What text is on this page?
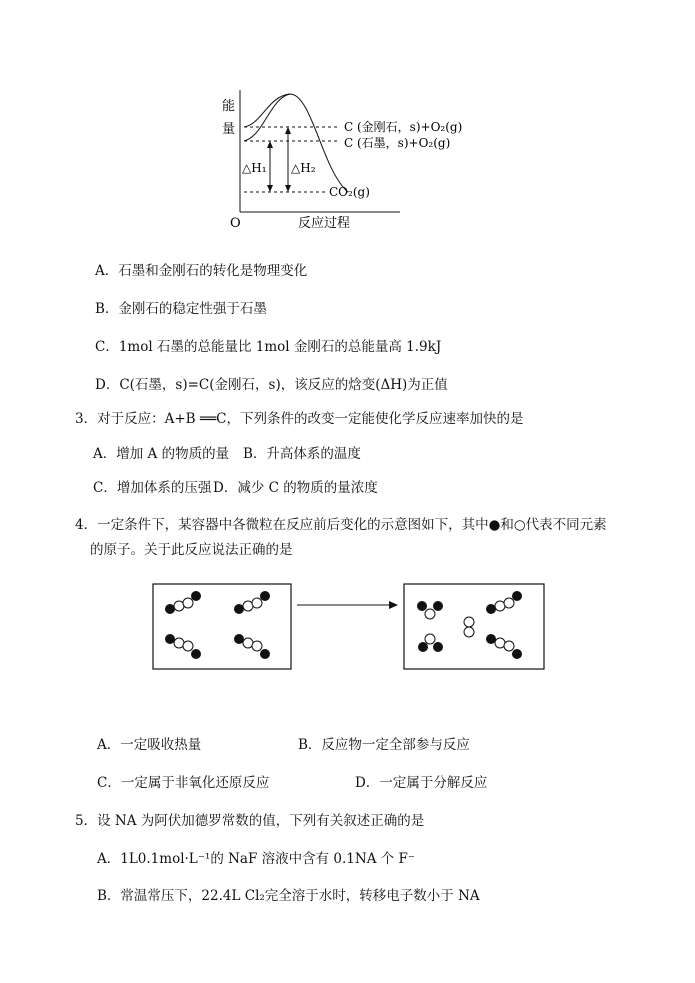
能
量
O	反应过程
△H₁ △H₂
C (金刚石，s)+O₂(g)
C (石墨，s)+O₂(g)
CO₂(g)
A．石墨和金刚石的转化是物理变化
B．金刚石的稳定性强于石墨
C．1mol 石墨的总能量比 1mol 金刚石的总能量高 1.9kJ
D．C(石墨，s)=C(金刚石，s)，该反应的焓变(ΔH)为正值
3．对于反应：A+B ══C，下列条件的改变一定能使化学反应速率加快的是
A．增加 A 的物质的量 B．升高体系的温度
C．增加体系的压强 D．减少 C 的物质的量浓度
4．一定条件下，某容器中各微粒在反应前后变化的示意图如下，其中●和○代表不同元素
的原子。关于此反应说法正确的是
A．一定吸收热量	B．反应物一定全部参与反应
C．一定属于非氧化还原反应	D．一定属于分解反应
5．设 NA 为阿伏加德罗常数的值，下列有关叙述正确的是
A．1L0.1mol·L⁻¹的 NaF 溶液中含有 0.1NA 个 F⁻
B．常温常压下，22.4L Cl₂完全溶于水时，转移电子数小于 NA
